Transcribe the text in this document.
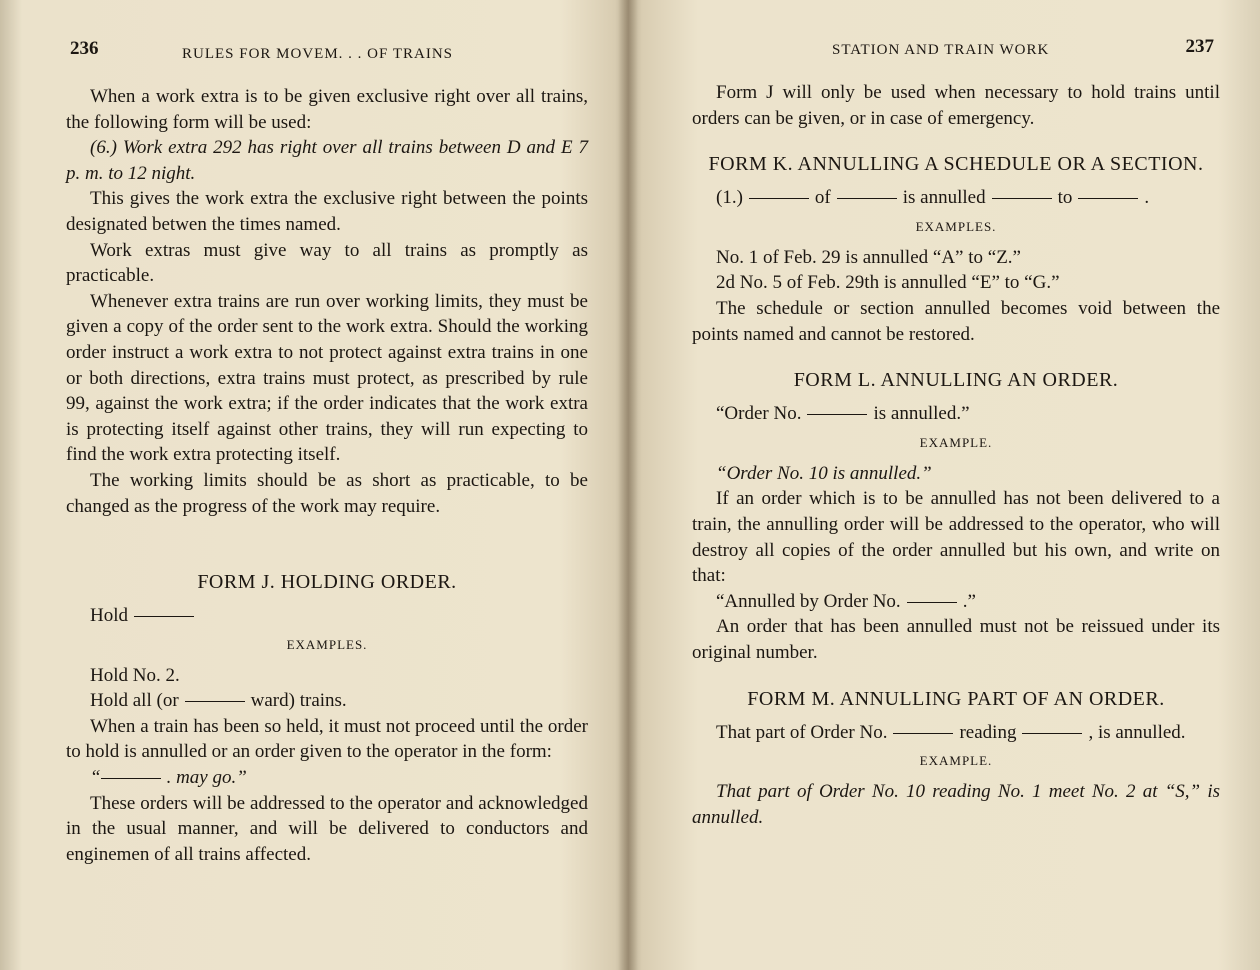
236	RULES FOR MOVEM. . . OF TRAINS

When a work extra is to be given exclusive right over all trains, the following form will be used:

(6.) Work extra 292 has right over all trains between D and E 7 p. m. to 12 night.

This gives the work extra the exclusive right between the points designated betwen the times named.

Work extras must give way to all trains as promptly as practicable.

Whenever extra trains are run over working limits, they must be given a copy of the order sent to the work extra. Should the working order instruct a work extra to not protect against extra trains in one or both directions, extra trains must protect, as prescribed by rule 99, against the work extra; if the order indicates that the work extra is protecting itself against other trains, they will run expecting to find the work extra protecting itself.

The working limits should be as short as practicable, to be changed as the progress of the work may require.

FORM J. HOLDING ORDER.

Hold

EXAMPLES.

Hold No. 2.

Hold all (or	ward) trains.

When a train has been so held, it must not proceed until the order to hold is annulled or an order given to the operator in the form:

“	. may go.”

These orders will be addressed to the operator and acknowledged in the usual manner, and will be delivered to conductors and enginemen of all trains affected.

STATION AND TRAIN WORK	237

Form J will only be used when necessary to hold trains until orders can be given, or in case of emergency.

FORM K. ANNULLING A SCHEDULE OR A SECTION.

(1.)	of	is annulled	to	.

EXAMPLES.

No. 1 of Feb. 29 is annulled “A” to “Z.”

2d No. 5 of Feb. 29th is annulled “E” to “G.”

The schedule or section annulled becomes void between the points named and cannot be restored.

FORM L. ANNULLING AN ORDER.

“Order No.	is annulled.”

EXAMPLE.

“Order No. 10 is annulled.”

If an order which is to be annulled has not been delivered to a train, the annulling order will be addressed to the operator, who will destroy all copies of the order annulled but his own, and write on that:

“Annulled by Order No.	.”

An order that has been annulled must not be reissued under its original number.

FORM M. ANNULLING PART OF AN ORDER.

That part of Order No.	reading	, is annulled.

EXAMPLE.

That part of Order No. 10 reading No. 1 meet No. 2 at “S,” is annulled.
